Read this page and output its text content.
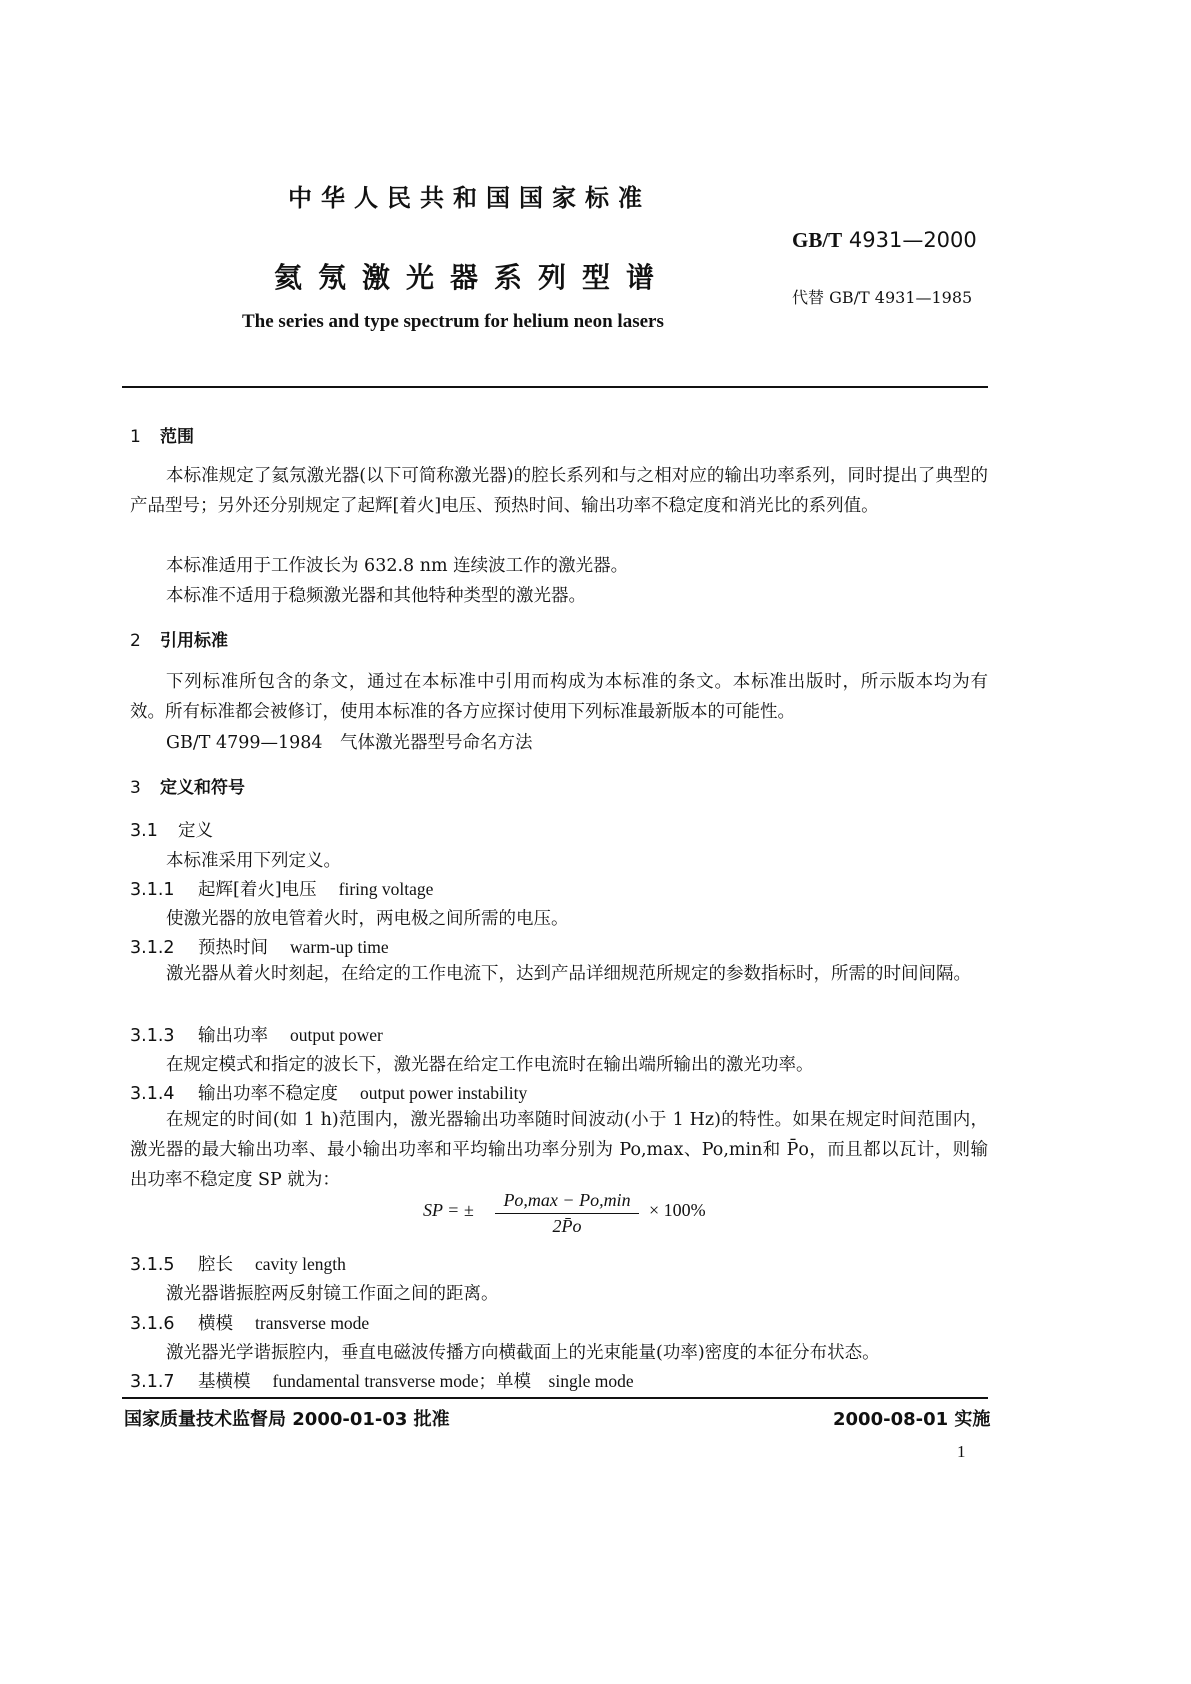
中华人民共和国国家标准
氦氖激光器系列型谱
The series and type spectrum for helium neon lasers
GB/T 4931—2000
代替 GB/T 4931—1985
1 范围
本标准规定了氦氖激光器(以下可简称激光器)的腔长系列和与之相对应的输出功率系列，同时提出了典型的产品型号；另外还分别规定了起辉[着火]电压、预热时间、输出功率不稳定度和消光比的系列值。
本标准适用于工作波长为 632.8 nm 连续波工作的激光器。
本标准不适用于稳频激光器和其他特种类型的激光器。
2 引用标准
下列标准所包含的条文，通过在本标准中引用而构成为本标准的条文。本标准出版时，所示版本均为有效。所有标准都会被修订，使用本标准的各方应探讨使用下列标准最新版本的可能性。
GB/T 4799—1984　气体激光器型号命名方法
3 定义和符号
3.1 定义
本标准采用下列定义。
3.1.1 起辉[着火]电压 firing voltage
使激光器的放电管着火时，两电极之间所需的电压。
3.1.2 预热时间 warm-up time
激光器从着火时刻起，在给定的工作电流下，达到产品详细规范所规定的参数指标时，所需的时间间隔。
3.1.3 输出功率 output power
在规定模式和指定的波长下，激光器在给定工作电流时在输出端所输出的激光功率。
3.1.4 输出功率不稳定度 output power instability
在规定的时间(如 1 h)范围内，激光器输出功率随时间波动(小于 1 Hz)的特性。如果在规定时间范围内，激光器的最大输出功率、最小输出功率和平均输出功率分别为 Po,max、Po,min和 P̄o，而且都以瓦计，则输出功率不稳定度 SP 就为：
SP = ±	Po,max − Po,min
2P̄o
× 100%
3.1.5 腔长 cavity length
激光器谐振腔两反射镜工作面之间的距离。
3.1.6 横模 transverse mode
激光器光学谐振腔内，垂直电磁波传播方向横截面上的光束能量(功率)密度的本征分布状态。
3.1.7 基横模 fundamental transverse mode；单模　single mode
国家质量技术监督局 2000-01-03 批准	2000-08-01 实施
1
